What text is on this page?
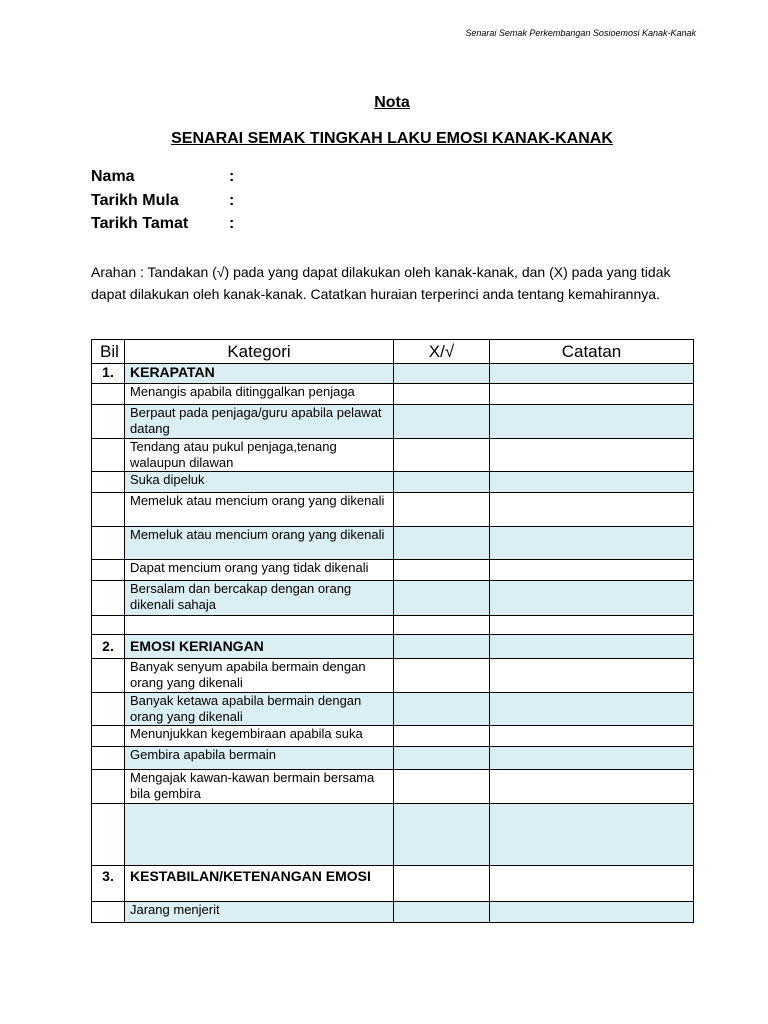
Senarai Semak Perkembangan Sosioemosi Kanak-Kanak
Nota
SENARAI SEMAK TINGKAH LAKU EMOSI KANAK-KANAK
Nama	:
Tarikh Mula	:
Tarikh Tamat	:
Arahan : Tandakan (√) pada yang dapat dilakukan oleh kanak-kanak, dan (X) pada yang tidak dapat dilakukan oleh kanak-kanak. Catatkan huraian terperinci anda tentang kemahirannya.
Bil	Kategori	X/√	Catatan
1.	KERAPATAN		
	Menangis apabila ditinggalkan penjaga		
	Berpaut pada penjaga/guru apabila pelawat datang		
	Tendang atau pukul penjaga,tenang walaupun dilawan		
	Suka dipeluk		
	Memeluk atau mencium orang yang dikenali		
	Memeluk atau mencium orang yang dikenali		
	Dapat mencium orang yang tidak dikenali		
	Bersalam dan bercakap dengan orang dikenali sahaja		

2.	EMOSI KERIANGAN		
	Banyak senyum apabila bermain dengan orang yang dikenali		
	Banyak ketawa apabila bermain dengan orang yang dikenali		
	Menunjukkan kegembiraan apabila suka		
	Gembira apabila bermain		
	Mengajak kawan-kawan bermain bersama bila gembira		

3.	KESTABILAN/KETENANGAN EMOSI		
	Jarang menjerit		
